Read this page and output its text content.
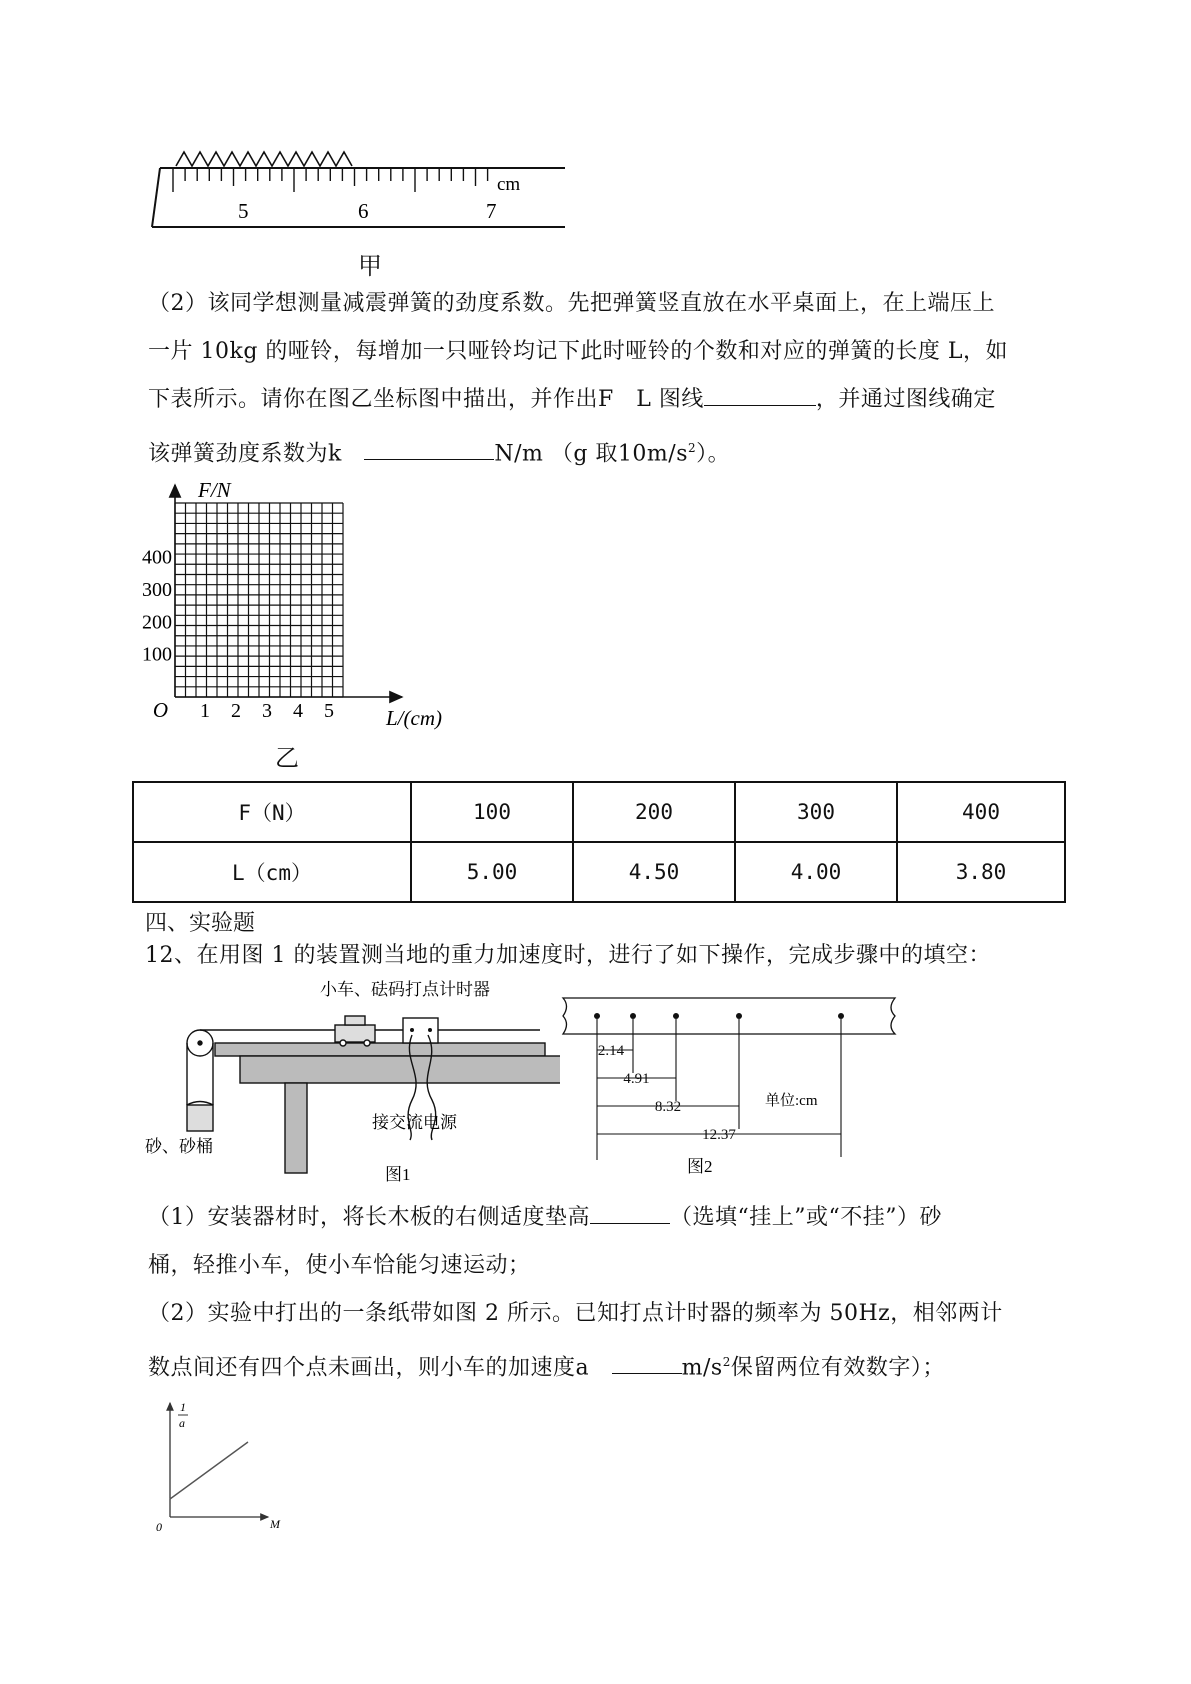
cm
5	6	7
甲
（2）该同学想测量减震弹簧的劲度系数。先把弹簧竖直放在水平桌面上，在上端压上
一片 10kg 的哑铃，每增加一只哑铃均记下此时哑铃的个数和对应的弹簧的长度 L，如
下表所示。请你在图乙坐标图中描出，并作出F　L 图线	，并通过图线确定
该弹簧劲度系数为k　	N/m （g 取$10m/s^2$）。
F/N
L/(cm)
O
100
200
300
400
1 2 3 4 5
乙
F（N）	100	200	300	400
L（cm）	5.00	4.50	4.00	3.80
四、实验题
12、在用图 1 的装置测当地的重力加速度时，进行了如下操作，完成步骤中的填空：
小车、砝码 打点计时器
接交流电源
砂、砂桶
图1
2.14
4.91
8.32
12.37
单位:cm
图2
（1）安装器材时，将长木板的右侧适度垫高	（选填“挂上”或“不挂”）砂
桶，轻推小车，使小车恰能匀速运动；
（2）实验中打出的一条纸带如图 2 所示。已知打点计时器的频率为 50Hz，相邻两计
数点间还有四个点未画出，则小车的加速度a　	$m/s^2$保留两位有效数字）；
1
a
M
0
